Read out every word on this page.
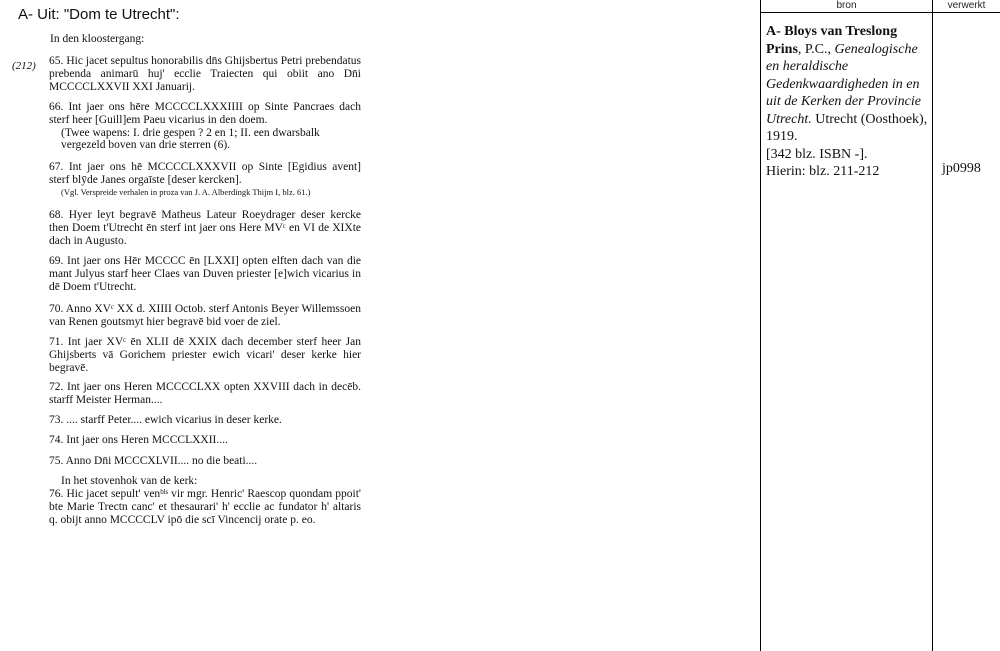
A- Uit: "Dom te Utrecht":
In den kloostergang:
(212) 65. Hic jacet sepultus honorabilis dn̄s Ghijsbertus Petri prebendatus prebenda animarū huj' ecclie Traiecten qui obiit ano Dn̄i MCCCCLXXVII XXI Januarij.
66. Int jaer ons hēre MCCCCLXXXIIII op Sinte Pancraes dach sterf heer [Guill]em Paeu vicarius in den doem.
(Twee wapens: I. drie gespen ? 2 en 1; II. een dwarsbalk vergezeld boven van drie sterren (6).
67. Int jaer ons hē MCCCCLXXXVII op Sinte [Egidius avent] sterf blȳde Janes orgaīste [deser kercken].
(Vgl. Verspreide verhalen in proza van J. A. Alberdingk Thijm I, blz. 61.)
68. Hyer leyt begravē Matheus Lateur Roeydrager deser kercke then Doem t'Utrecht ēn sterf int jaer ons Here MVᶜ en VI de XIXte dach in Augusto.
69. Int jaer ons Hēr MCCCC ēn [LXXI] opten elften dach van die mant Julyus starf heer Claes van Duven priester [e]wich vicarius in dē Doem t'Utrecht.
70. Anno XVᶜ XX d. XIIII Octob. sterf Antonis Beyer Willemssoen van Renen goutsmyt hier begravē bid voer de ziel.
71. Int jaer XVᶜ ēn XLII dē XXIX dach december sterf heer Jan Ghijsberts vā Gorichem priester ewich vicari' deser kerke hier begravē.
72. Int jaer ons Heren MCCCCLXX opten XXVIII dach in decēb. starff Meister Herman....
73. .... starff Peter.... ewich vicarius in deser kerke.
74. Int jaer ons Heren MCCCLXXII....
75. Anno Dn̄i MCCCXLVII.... no die beati....
In het stovenhok van de kerk:
76. Hic jacet sepult' venᵇˡˢ vir mgr. Henric' Raescop quondam ppoit' bte Marie Trectn canc' et thesaurari' h' ecclie ac fundator h' altaris q. obijt anno MCCCCLV ipō die scī Vincencij orate p. eo.
bron	verwerkt
A- Bloys van Treslong Prins, P.C., Genealogische en heraldische Gedenkwaardigheden in en uit de Kerken der Provincie Utrecht. Utrecht (Oosthoek), 1919.
[342 blz. ISBN -].
Hierin: blz. 211-212	jp0998
